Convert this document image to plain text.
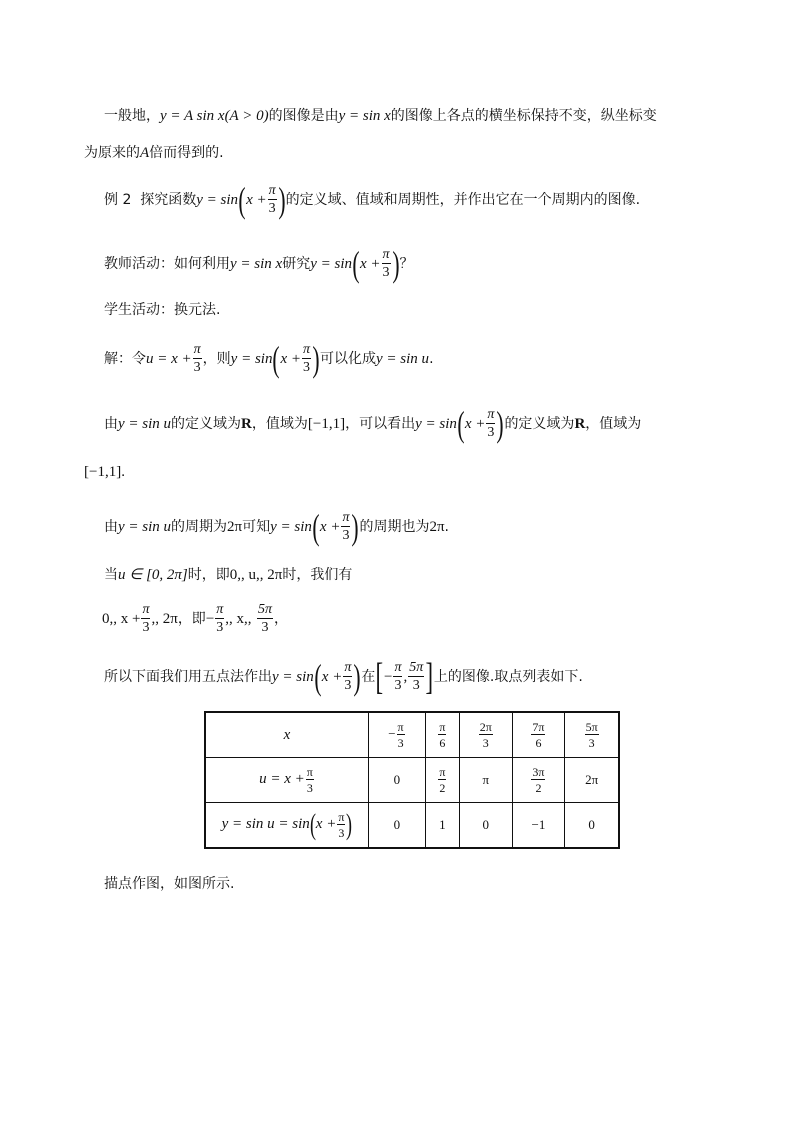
一般地，y = A sin x(A > 0)的图像是由y = sin x的图像上各点的横坐标保持不变，纵坐标变
为原来的A倍而得到的.
例 2 探究函数$y = \sin(x + \frac{\pi}{3}$ )的定义域、值域和周期性，并作出它在一个周期内的图像.
教师活动：如何利用y = sin x研究$y = \sin(x + \frac{\pi}{3}$ )？
学生活动：换元法.
解：令$u = x + \frac{\pi}{3}$ ，则$y = \sin(x + \frac{\pi}{3}$ )可以化成y = sin u.
由y = sin u的定义域为R，值域为[−1,1]，可以看出$y = \sin(x + \frac{\pi}{3}$ )的定义域为R，值域为
[−1,1].
由y = sin u的周期为2π可知$y = \sin(x + \frac{\pi}{3}$ )的周期也为2π.
当u ∈ [0, 2π]时，即0,, u,, 2π时，我们有
0,, $x + \frac{\pi}{3}$ ,, 2π，即− $\frac{\pi}{3}$ ,, x,, $\frac{5\pi}{3}$ ，
所以下面我们用五点法作出$y = \sin(x + \frac{\pi}{3}$ )在[− $\frac{\pi}{3}$ , $\frac{5\pi}{3}$ ]上的图像.取点列表如下.
x	− $\frac{\pi}{3}$	$\frac{\pi}{6}$	$\frac{2\pi}{3}$	$\frac{7\pi}{6}$	$\frac{5\pi}{3}$

$u = x + \frac{\pi}{3}$	0	$\frac{\pi}{2}$	π	$\frac{3\pi}{2}$	2π
$y = \sin u = \sin(x + \frac{\pi}{3}$ )	0	1	0	−1	0
描点作图，如图所示.
